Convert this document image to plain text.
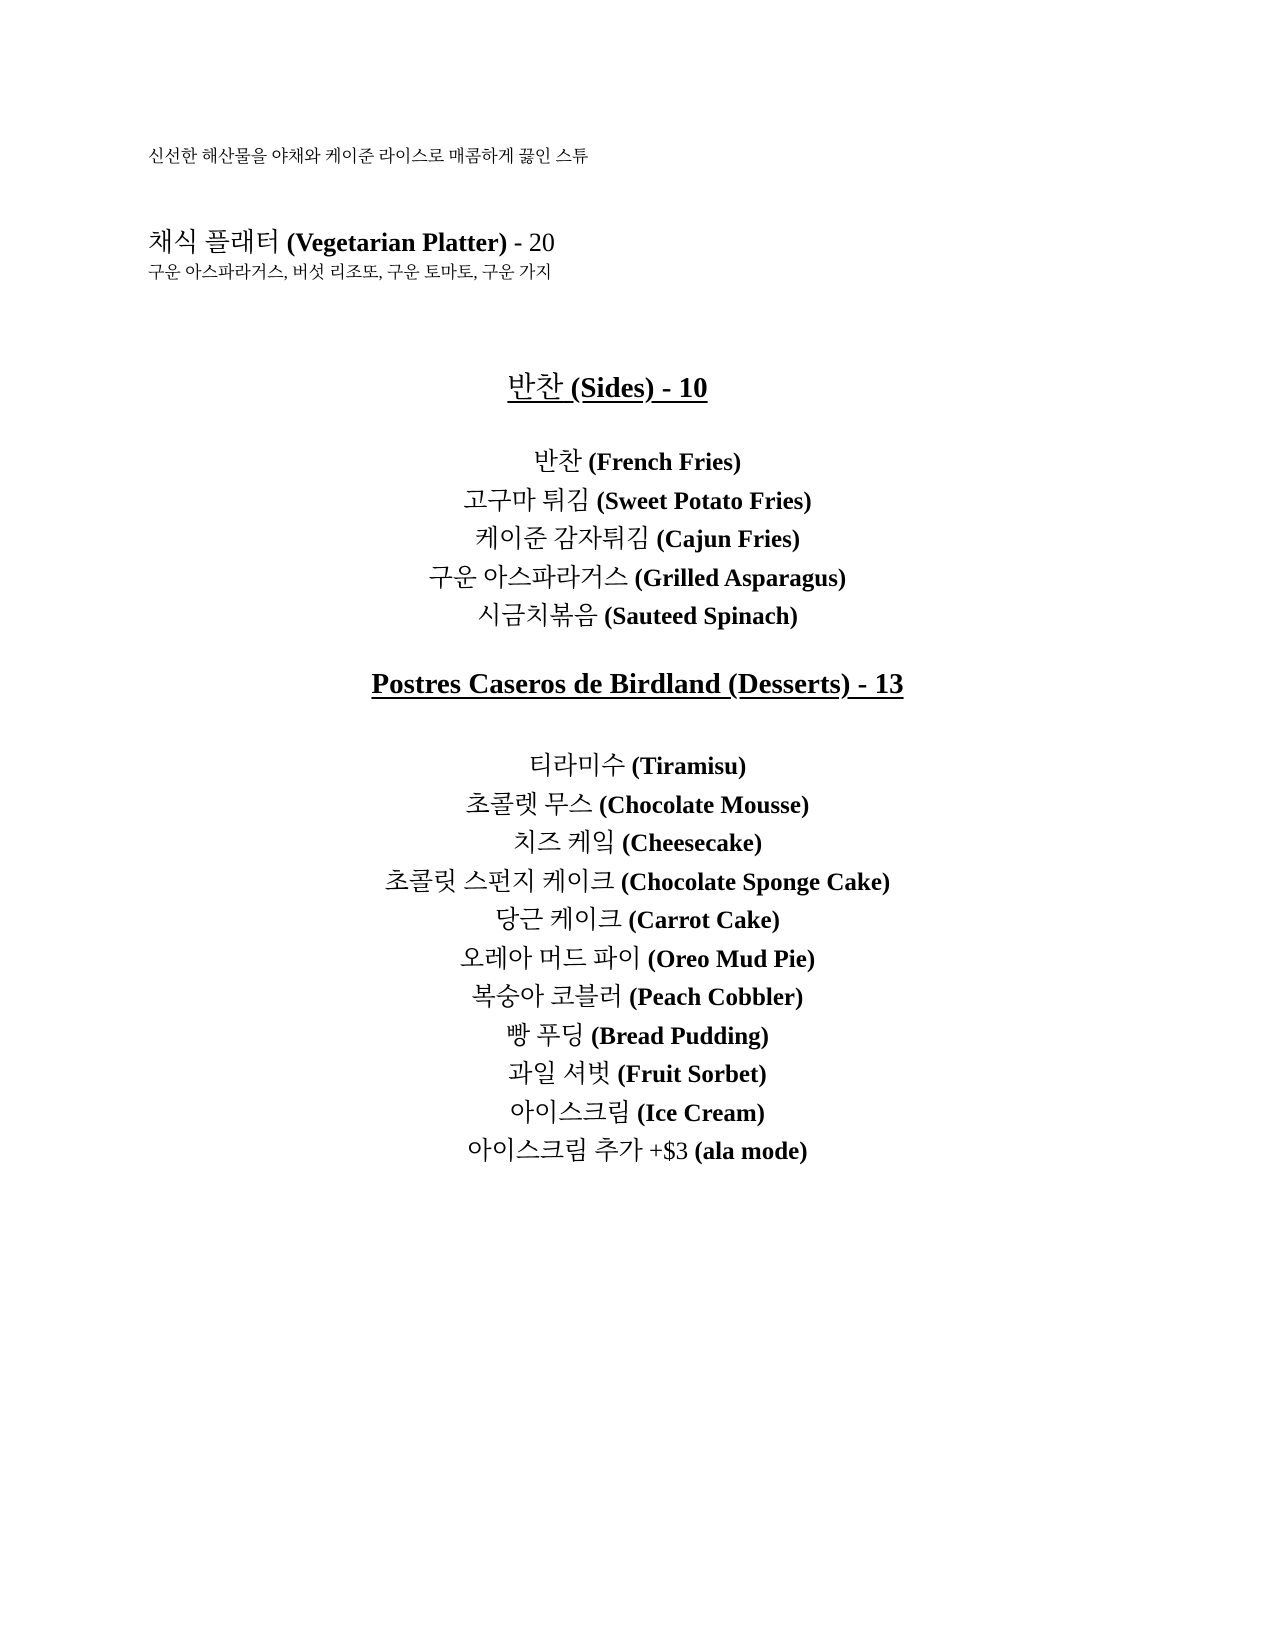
신선한 해산물을 야채와 케이준 라이스로 매콤하게 끓인 스튜
채식 플래터 (Vegetarian Platter) - 20
구운 아스파라거스, 버섯 리조또, 구운 토마토, 구운 가지
반찬 (Sides) - 10
반찬 (French Fries)
고구마 튀김 (Sweet Potato Fries)
케이준 감자튀김 (Cajun Fries)
구운 아스파라거스 (Grilled Asparagus)
시금치볶음 (Sauteed Spinach)
Postres Caseros de Birdland (Desserts) - 13
티라미수 (Tiramisu)
초콜렛 무스 (Chocolate Mousse)
치즈 케잌 (Cheesecake)
초콜릿 스펀지 케이크 (Chocolate Sponge Cake)
당근 케이크 (Carrot Cake)
오레아 머드 파이 (Oreo Mud Pie)
복숭아 코블러 (Peach Cobbler)
빵 푸딩 (Bread Pudding)
과일 셔벗 (Fruit Sorbet)
아이스크림 (Ice Cream)
아이스크림 추가 +$3 (ala mode)
